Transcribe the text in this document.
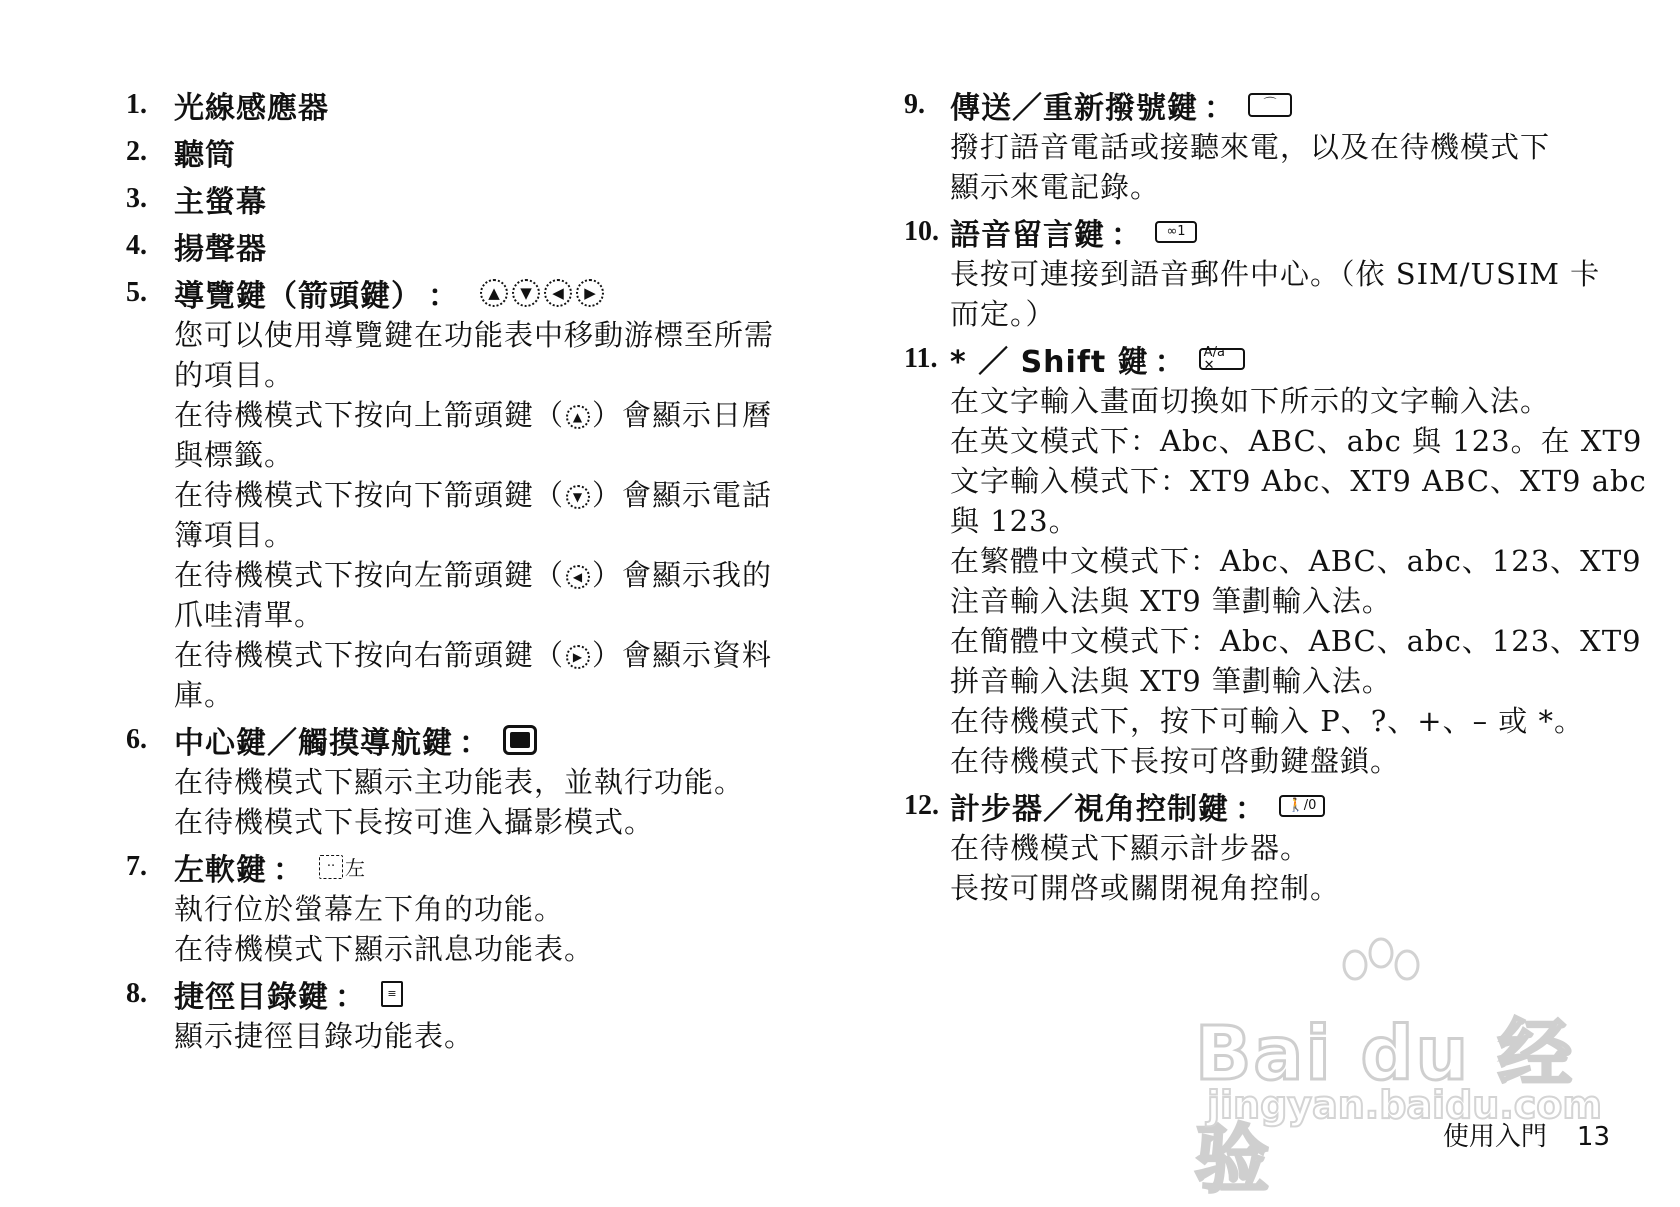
1. 光線感應器
2. 聽筒
3. 主螢幕
4. 揚聲器
5. 導覽鍵（箭頭鍵） ：	▲	▼	◀	▶
您可以使用導覽鍵在功能表中移動游標至所需
的項目。
在待機模式下按向上箭頭鍵（ ▲ ）會顯示日曆
與標籤。
在待機模式下按向下箭頭鍵（ ▼ ）會顯示電話
簿項目。
在待機模式下按向左箭頭鍵（ ◀ ）會顯示我的
爪哇清單。
在待機模式下按向右箭頭鍵（ ▶ ）會顯示資料
庫。
6. 中心鍵／觸摸導航鍵 ：
在待機模式下顯示主功能表，並執行功能。
在待機模式下長按可進入攝影模式。
7. 左軟鍵 ：	·· 左
執行位於螢幕左下角的功能。
在待機模式下顯示訊息功能表。
8. 捷徑目錄鍵 ：	≡
顯示捷徑目錄功能表。
9. 傳送／重新撥號鍵 ：	⌒
撥打語音電話或接聽來電，以及在待機模式下
顯示來電記錄。
10. 語音留言鍵 ：	∞1
長按可連接到語音郵件中心。（依 SIM/USIM 卡
而定。）
11. * ／ Shift 鍵 ：	A/a ✕
在文字輸入畫面切換如下所示的文字輸入法。
在英文模式下：Abc、ABC、abc 與 123。在 XT9
文字輸入模式下：XT9 Abc、XT9 ABC、XT9 abc
與 123。
在繁體中文模式下：Abc、ABC、abc、123、XT9
注音輸入法與 XT9 筆劃輸入法。
在簡體中文模式下：Abc、ABC、abc、123、XT9
拼音輸入法與 XT9 筆劃輸入法。
在待機模式下，按下可輸入 P、?、+、– 或 *。
在待機模式下長按可啓動鍵盤鎖。
12. 計步器／視角控制鍵 ：	🚶/0
在待機模式下顯示計步器。
長按可開啓或關閉視角控制。
Bai du 经验
jingyan.baidu.com
使用入門 13
